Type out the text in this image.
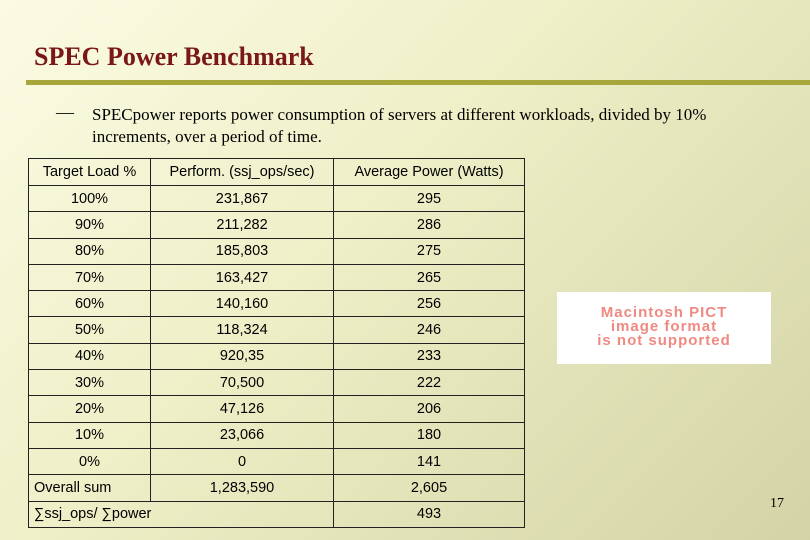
SPEC Power Benchmark
— SPECpower reports power consumption of servers at different workloads, divided by 10% increments, over a period of time.
Target Load %	Perform. (ssj_ops/sec)	Average Power (Watts)
100%	231,867	295
90%	211,282	286
80%	185,803	275
70%	163,427	265
60%	140,160	256
50%	118,324	246
40%	920,35	233
30%	70,500	222
20%	47,126	206
10%	23,066	180
0%	0	141
Overall sum	1,283,590	2,605
∑ssj_ops/ ∑power		493
Macintosh PICT
image format
is not supported
17
